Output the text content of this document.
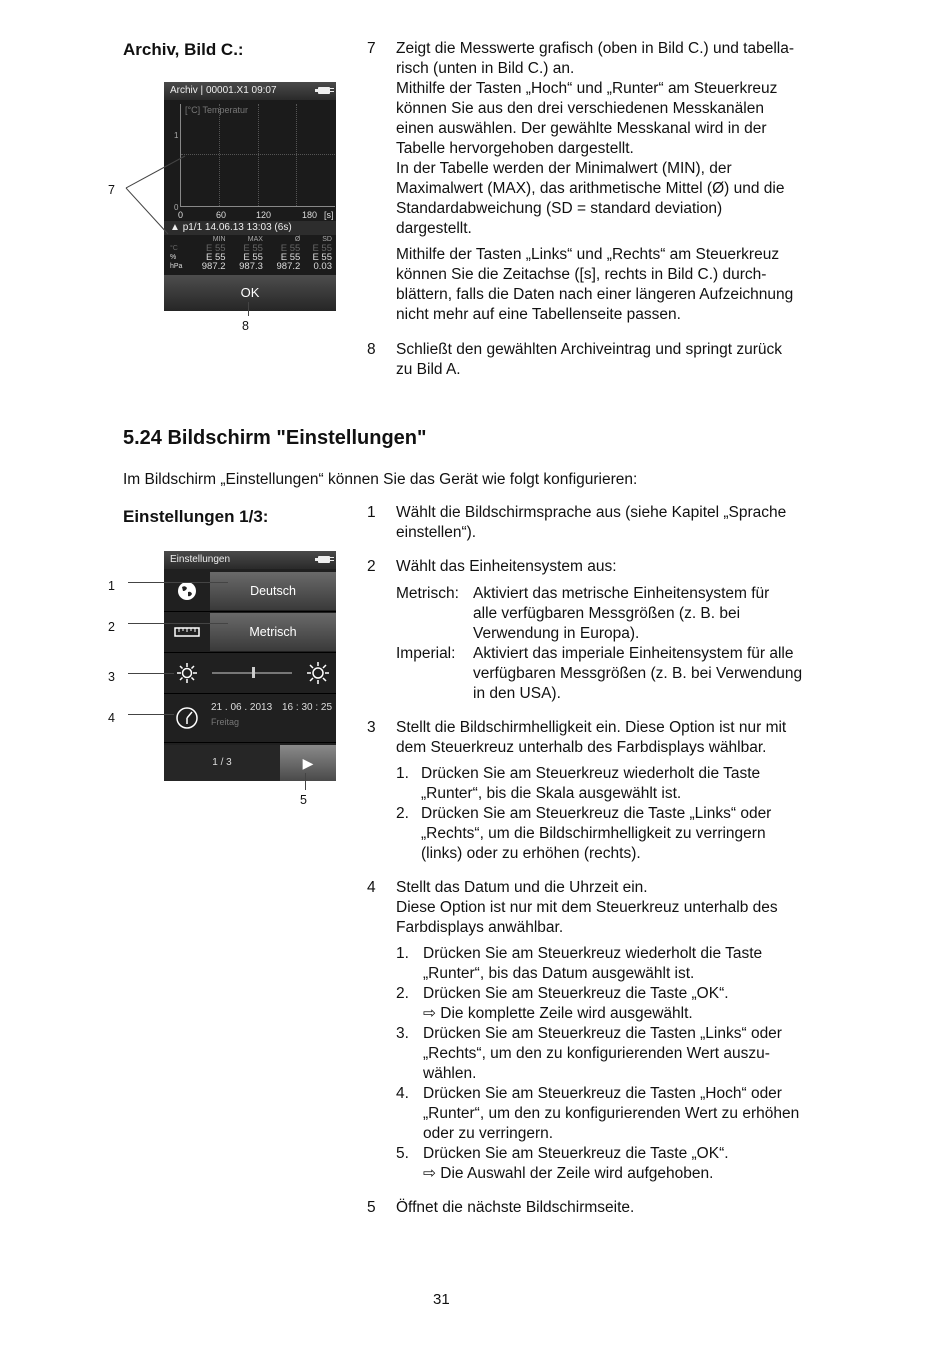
Archiv, Bild C.:
Archiv | 00001.X1 09:07
[°C] Temperatur
1
0
0	60	120	180 [s]
▲ p1/1 14.06.13 13:03 (6s)
	MIN	MAX	Ø	SD
°C	E 55	E 55	E 55	E 55
%	E 55	E 55	E 55	E 55
hPa	987.2	987.3	987.2	0.03
OK
7
8
7	Zeigt die Messwerte grafisch (oben in Bild C.) und tabella-

risch (unten in Bild C.) an.

Mithilfe der Tasten „Hoch“ und „Runter“ am Steuerkreuz

können Sie aus den drei verschiedenen Messkanälen

einen auswählen. Der gewählte Messkanal wird in der

Tabelle hervorgehoben dargestellt.

In der Tabelle werden der Minimalwert (MIN), der

Maximalwert (MAX), das arithmetische Mittel (Ø) und die

Standardabweichung (SD = standard deviation)

dargestellt.

Mithilfe der Tasten „Links“ und „Rechts“ am Steuerkreuz

können Sie die Zeitachse ([s], rechts in Bild C.) durch-

blättern, falls die Daten nach einer längeren Aufzeichnung

nicht mehr auf eine Tabellenseite passen.

8	Schließt den gewählten Archiveintrag und springt zurück

zu Bild A.

5.24 Bildschirm "Einstellungen"
Im Bildschirm „Einstellungen“ können Sie das Gerät wie folgt konfigurieren:
Einstellungen 1/3:
Einstellungen
Deutsch
Metrisch
21 . 06 . 2013 16 : 30 : 25
Freitag
1 / 3	▶
1
2
3
4
5
1	Wählt die Bildschirmsprache aus (siehe Kapitel „Sprache

einstellen“).

2	Wählt das Einheitensystem aus:
Metrisch: Aktiviert das metrische Einheitensystem für

alle verfügbaren Messgrößen (z. B. bei

Verwendung in Europa).

Imperial: Aktiviert das imperiale Einheitensystem für alle

verfügbaren Messgrößen (z. B. bei Verwendung

in den USA).

3	Stellt die Bildschirmhelligkeit ein. Diese Option ist nur mit

dem Steuerkreuz unterhalb des Farbdisplays wählbar.

1. Drücken Sie am Steuerkreuz wiederholt die Taste

„Runter“, bis die Skala ausgewählt ist.

2. Drücken Sie am Steuerkreuz die Taste „Links“ oder

„Rechts“, um die Bildschirmhelligkeit zu verringern

(links) oder zu erhöhen (rechts).

4	Stellt das Datum und die Uhrzeit ein.

Diese Option ist nur mit dem Steuerkreuz unterhalb des

Farbdisplays anwählbar.

1. Drücken Sie am Steuerkreuz wiederholt die Taste

„Runter“, bis das Datum ausgewählt ist.

2. Drücken Sie am Steuerkreuz die Taste „OK“.

⇨ Die komplette Zeile wird ausgewählt.

3. Drücken Sie am Steuerkreuz die Tasten „Links“ oder

„Rechts“, um den zu konfigurierenden Wert auszu-

wählen.

4. Drücken Sie am Steuerkreuz die Tasten „Hoch“ oder

„Runter“, um den zu konfigurierenden Wert zu erhöhen

oder zu verringern.

5. Drücken Sie am Steuerkreuz die Taste „OK“.

⇨ Die Auswahl der Zeile wird aufgehoben.

5	Öffnet die nächste Bildschirmseite.
31
